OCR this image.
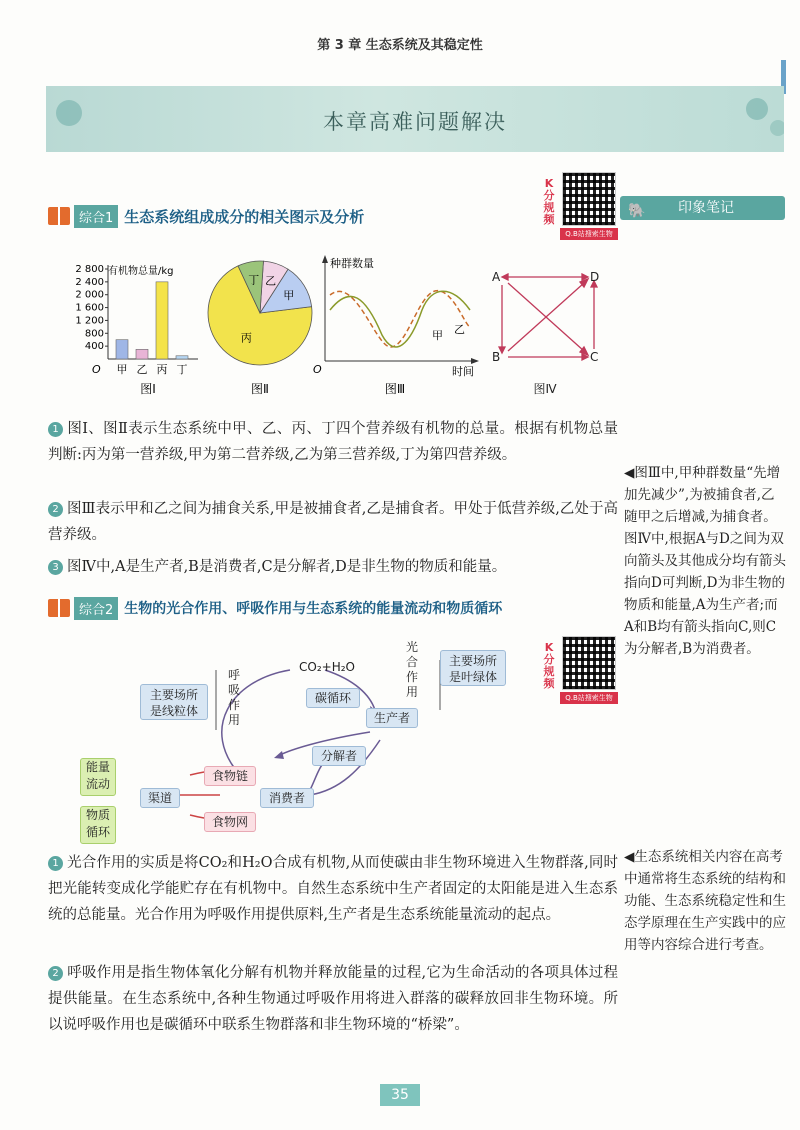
第 3 章 生态系统及其稳定性
本章高难问题解决
综合1 生态系统组成成分的相关图示及分析
K
分
规
频
Q.B站搜索生物
🐘 印象笔记
有机物总量/kg
O
2 800
2 400
2 000
1 600
1 200
800
400
甲 乙 丙 丁
图Ⅰ
丙
甲
乙
丁
图Ⅱ
种群数量
时间
O
甲 乙
图Ⅲ
A	D
B	C
图Ⅳ
1 图Ⅰ、图Ⅱ表示生态系统中甲、乙、丙、丁四个营养级有机物的总量。根据有机物总量判断:丙为第一营养级,甲为第二营养级,乙为第三营养级,丁为第四营养级。
2 图Ⅲ表示甲和乙之间为捕食关系,甲是被捕食者,乙是捕食者。甲处于低营养级,乙处于高营养级。
3 图Ⅳ中,A是生产者,B是消费者,C是分解者,D是非生物的物质和能量。
◀图Ⅲ中,甲种群数量“先增加先减少”,为被捕食者,乙随甲之后增减,为捕食者。图Ⅳ中,根据A与D之间为双向箭头及其他成分均有箭头指向D可判断,D为非生物的物质和能量,A为生产者;而A和B均有箭头指向C,则C为分解者,B为消费者。
综合2 生物的光合作用、呼吸作用与生态系统的能量流动和物质循环
K
分
规
频
Q.B站搜索生物
主要场所
是线粒体
呼
吸
作
用
CO₂+H₂O
碳循环
光
合
作
用
主要场所
是叶绿体
生产者
分解者
能量
流动
物质
循环
渠道
食物链
食物网
消费者
1 光合作用的实质是将CO₂和H₂O合成有机物,从而使碳由非生物环境进入生物群落,同时把光能转变成化学能贮存在有机物中。自然生态系统中生产者固定的太阳能是进入生态系统的总能量。光合作用为呼吸作用提供原料,生产者是生态系统能量流动的起点。
2 呼吸作用是指生物体氧化分解有机物并释放能量的过程,它为生命活动的各项具体过程提供能量。在生态系统中,各种生物通过呼吸作用将进入群落的碳释放回非生物环境。所以说呼吸作用也是碳循环中联系生物群落和非生物环境的“桥梁”。
◀生态系统相关内容在高考中通常将生态系统的结构和功能、生态系统稳定性和生态学原理在生产实践中的应用等内容综合进行考查。
35
